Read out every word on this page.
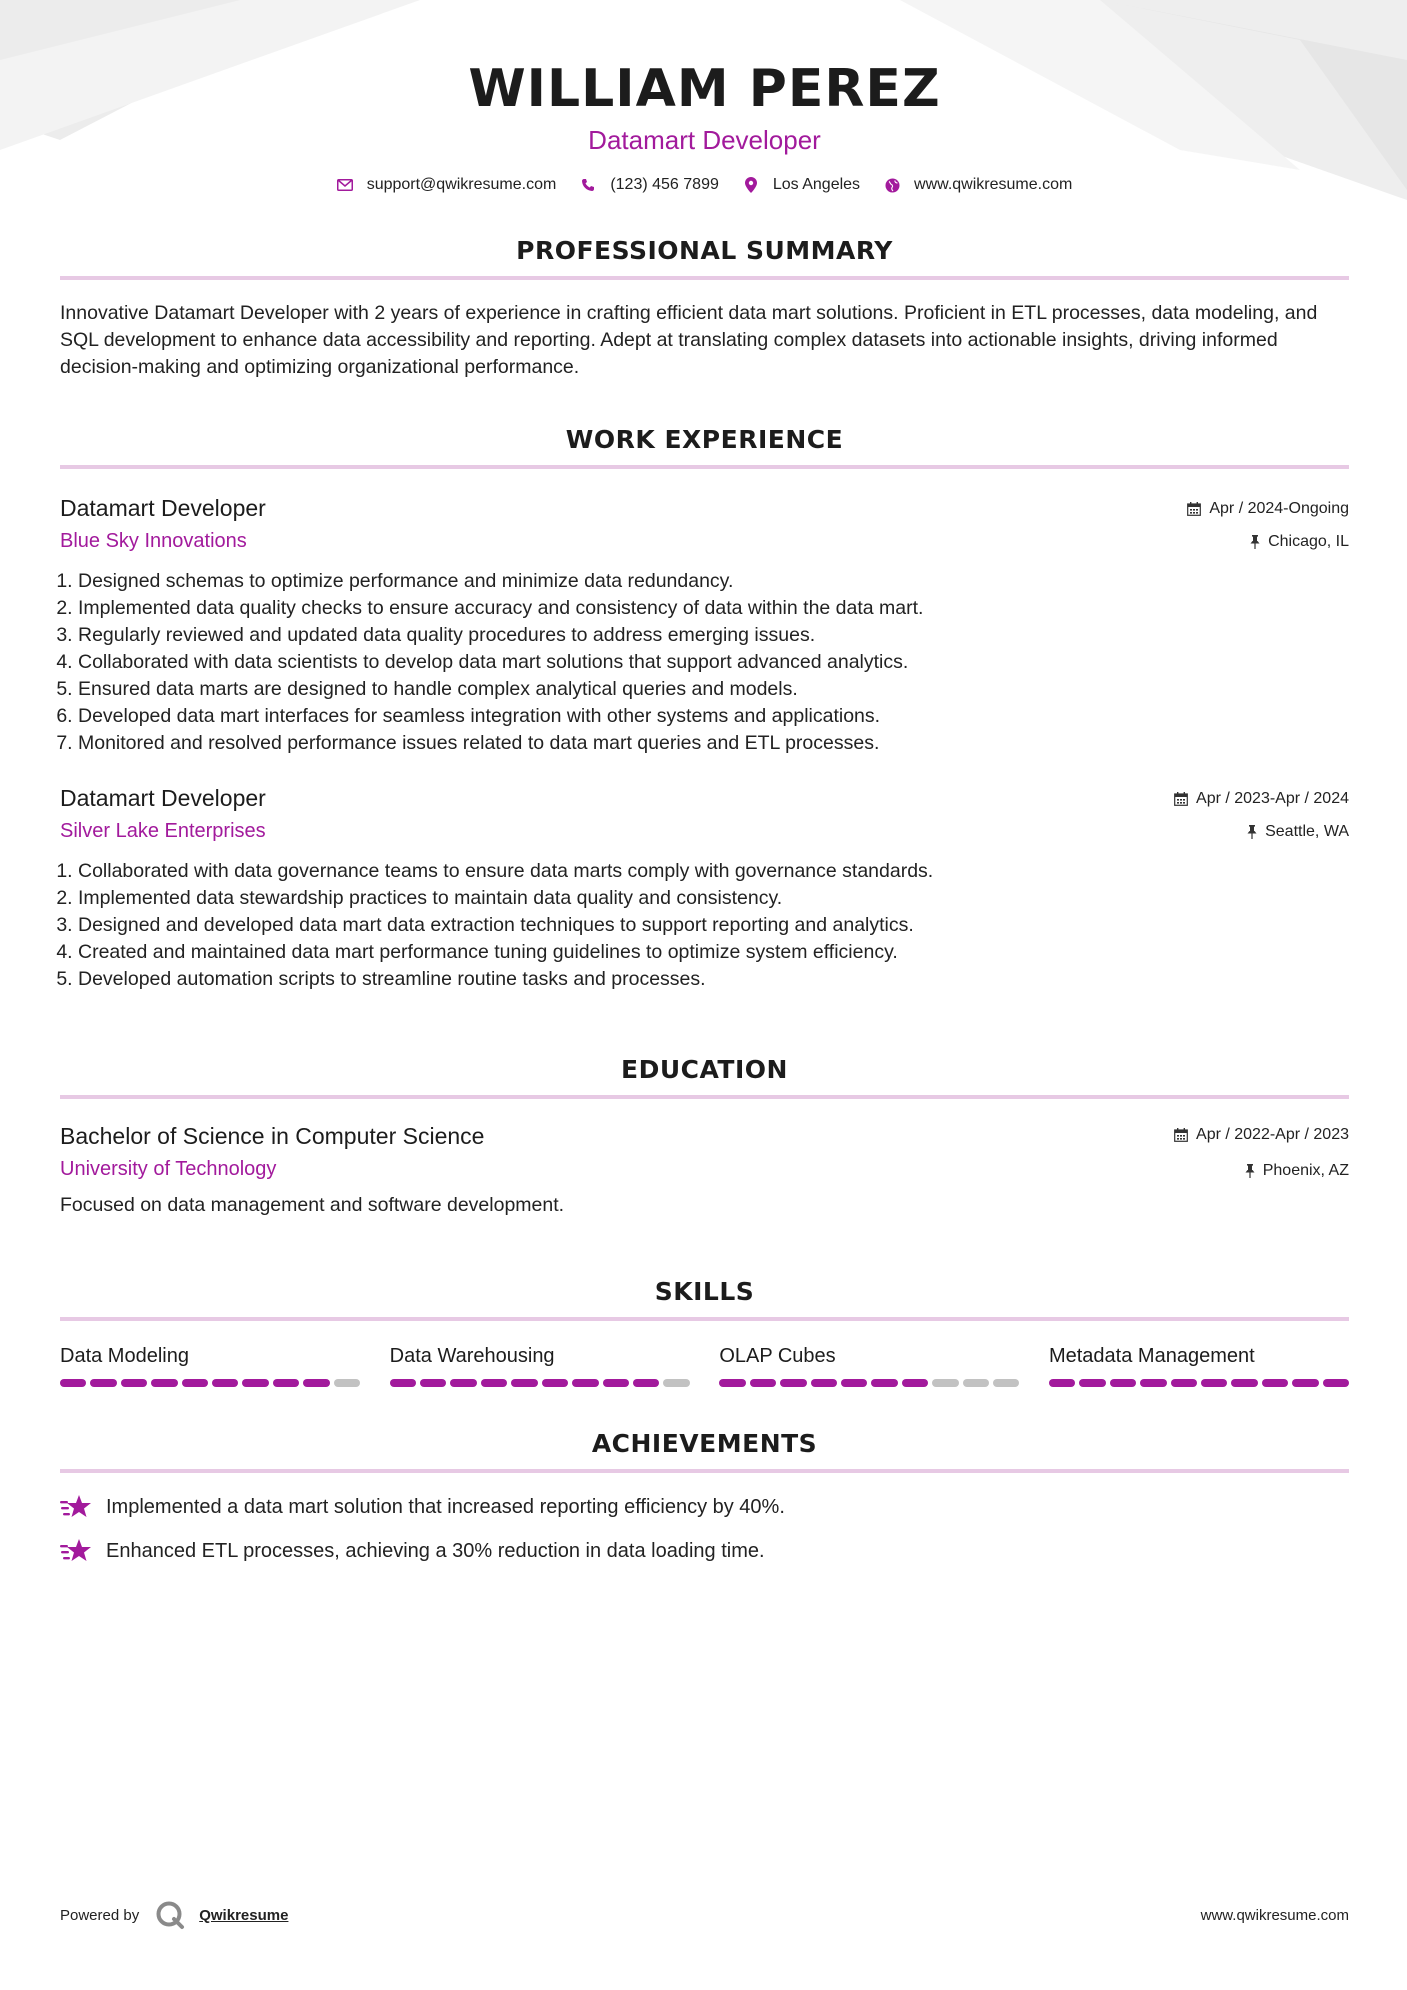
WILLIAM PEREZ
Datamart Developer
support@qwikresume.com	(123) 456 7899	Los Angeles	www.qwikresume.com
PROFESSIONAL SUMMARY
Innovative Datamart Developer with 2 years of experience in crafting efficient data mart solutions. Proficient in ETL processes, data modeling, and SQL development to enhance data accessibility and reporting. Adept at translating complex datasets into actionable insights, driving informed decision-making and optimizing organizational performance.
WORK EXPERIENCE
Datamart Developer
Blue Sky Innovations
Apr / 2024-Ongoing
Chicago, IL
1. Designed schemas to optimize performance and minimize data redundancy.
2. Implemented data quality checks to ensure accuracy and consistency of data within the data mart.
3. Regularly reviewed and updated data quality procedures to address emerging issues.
4. Collaborated with data scientists to develop data mart solutions that support advanced analytics.
5. Ensured data marts are designed to handle complex analytical queries and models.
6. Developed data mart interfaces for seamless integration with other systems and applications.
7. Monitored and resolved performance issues related to data mart queries and ETL processes.
Datamart Developer
Silver Lake Enterprises
Apr / 2023-Apr / 2024
Seattle, WA
1. Collaborated with data governance teams to ensure data marts comply with governance standards.
2. Implemented data stewardship practices to maintain data quality and consistency.
3. Designed and developed data mart data extraction techniques to support reporting and analytics.
4. Created and maintained data mart performance tuning guidelines to optimize system efficiency.
5. Developed automation scripts to streamline routine tasks and processes.
EDUCATION
Bachelor of Science in Computer Science
University of Technology
Apr / 2022-Apr / 2023
Phoenix, AZ
Focused on data management and software development.
SKILLS
Data Modeling	Data Warehousing	OLAP Cubes	Metadata Management
ACHIEVEMENTS
Implemented a data mart solution that increased reporting efficiency by 40%.
Enhanced ETL processes, achieving a 30% reduction in data loading time.
Powered by	Qwikresume	www.qwikresume.com
